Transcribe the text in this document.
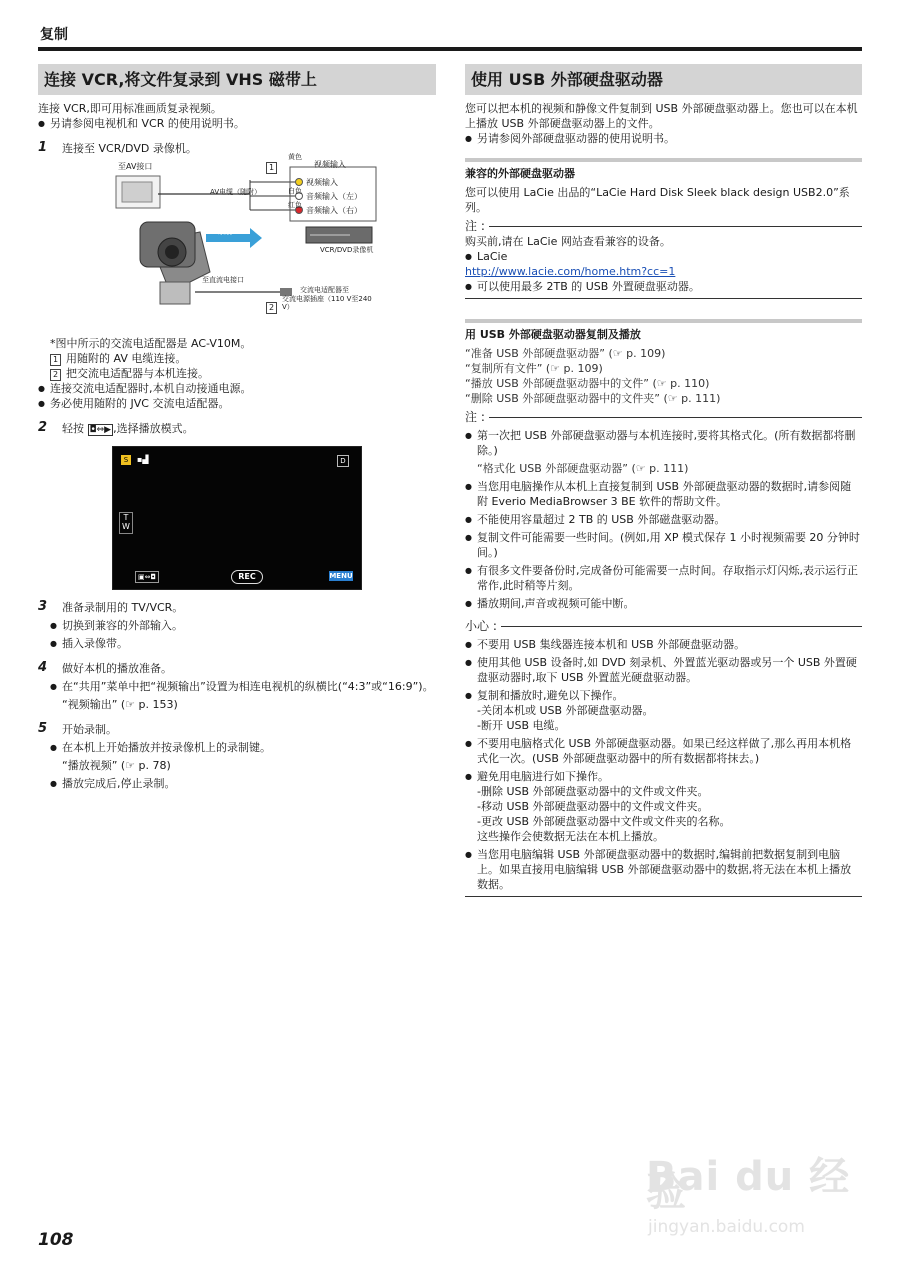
复制
连接 VCR,将文件复录到 VHS 磁带上

连接 VCR,即可用标准画质复录视频。

● 另请参阅电视机和 VCR 的使用说明书。

1 连接至 VCR/DVD 录像机。
至AV接口	1
黄色
视频输入
视频输入
白色
音频输入（左）
红色
音频输入（右）
AV电缆（随附）
录制
VCR/DVD录像机
至直流电接口
2
交流电适配器至
交流电源插座（110 V至240 V）

*图中所示的交流电适配器是 AC-V10M。

1 用随附的 AV 电缆连接。

2 把交流电适配器与本机连接。

● 连接交流电适配器时,本机自动接通电源。

● 务必使用随附的 JVC 交流电适配器。

2 轻按 ◘⇔▶ ,选择播放模式。
S	▪▟	D
T
W
▣⇔◘	REC	MENU
3 准备录制用的 TV/VCR。

● 切换到兼容的外部输入。

● 插入录像带。

4 做好本机的播放准备。

● 在“共用”菜单中把“视频输出”设置为相连电视机的纵横比(“4:3”或“16:9”)。

“视频输出” (☞ p. 153)

5 开始录制。

● 在本机上开始播放并按录像机上的录制键。

“播放视频” (☞ p. 78)

● 播放完成后,停止录制。

使用 USB 外部硬盘驱动器

您可以把本机的视频和静像文件复制到 USB 外部硬盘驱动器上。您也可以在本机上播放 USB 外部硬盘驱动器上的文件。

● 另请参阅外部硬盘驱动器的使用说明书。

兼容的外部硬盘驱动器

您可以使用 LaCie 出品的“LaCie Hard Disk Sleek black design USB2.0”系列。

注 :

购买前,请在 LaCie 网站查看兼容的设备。

● LaCie

http://www.lacie.com/home.htm?cc=1

● 可以使用最多 2TB 的 USB 外置硬盘驱动器。

用 USB 外部硬盘驱动器复制及播放

“准备 USB 外部硬盘驱动器” (☞ p. 109)

“复制所有文件” (☞ p. 109)

“播放 USB 外部硬盘驱动器中的文件” (☞ p. 110)

“删除 USB 外部硬盘驱动器中的文件夹” (☞ p. 111)

注 :

● 第一次把 USB 外部硬盘驱动器与本机连接时,要将其格式化。(所有数据都将删除。)

“格式化 USB 外部硬盘驱动器” (☞ p. 111)

● 当您用电脑操作从本机上直接复制到 USB 外部硬盘驱动器的数据时,请参阅随附 Everio MediaBrowser 3 BE 软件的帮助文件。

● 不能使用容量超过 2 TB 的 USB 外部磁盘驱动器。

● 复制文件可能需要一些时间。(例如,用 XP 模式保存 1 小时视频需要 20 分钟时间。)

● 有很多文件要备份时,完成备份可能需要一点时间。存取指示灯闪烁,表示运行正常作,此时稍等片刻。

● 播放期间,声音或视频可能中断。

小心 :

● 不要用 USB 集线器连接本机和 USB 外部硬盘驱动器。

● 使用其他 USB 设备时,如 DVD 刻录机、外置蓝光驱动器或另一个 USB 外置硬盘驱动器时,取下 USB 外置蓝光硬盘驱动器。

● 复制和播放时,避免以下操作。

-关闭本机或 USB 外部硬盘驱动器。

-断开 USB 电缆。

● 不要用电脑格式化 USB 外部硬盘驱动器。如果已经这样做了,那么再用本机格式化一次。(USB 外部硬盘驱动器中的所有数据都将抹去。)

● 避免用电脑进行如下操作。

-删除 USB 外部硬盘驱动器中的文件或文件夹。

-移动 USB 外部硬盘驱动器中的文件或文件夹。

-更改 USB 外部硬盘驱动器中文件或文件夹的名称。

这些操作会使数据无法在本机上播放。

● 当您用电脑编辑 USB 外部硬盘驱动器中的数据时,编辑前把数据复制到电脑上。如果直接用电脑编辑 USB 外部硬盘驱动器中的数据,将无法在本机上播放数据。

108
Bai du 经验
jingyan.baidu.com
